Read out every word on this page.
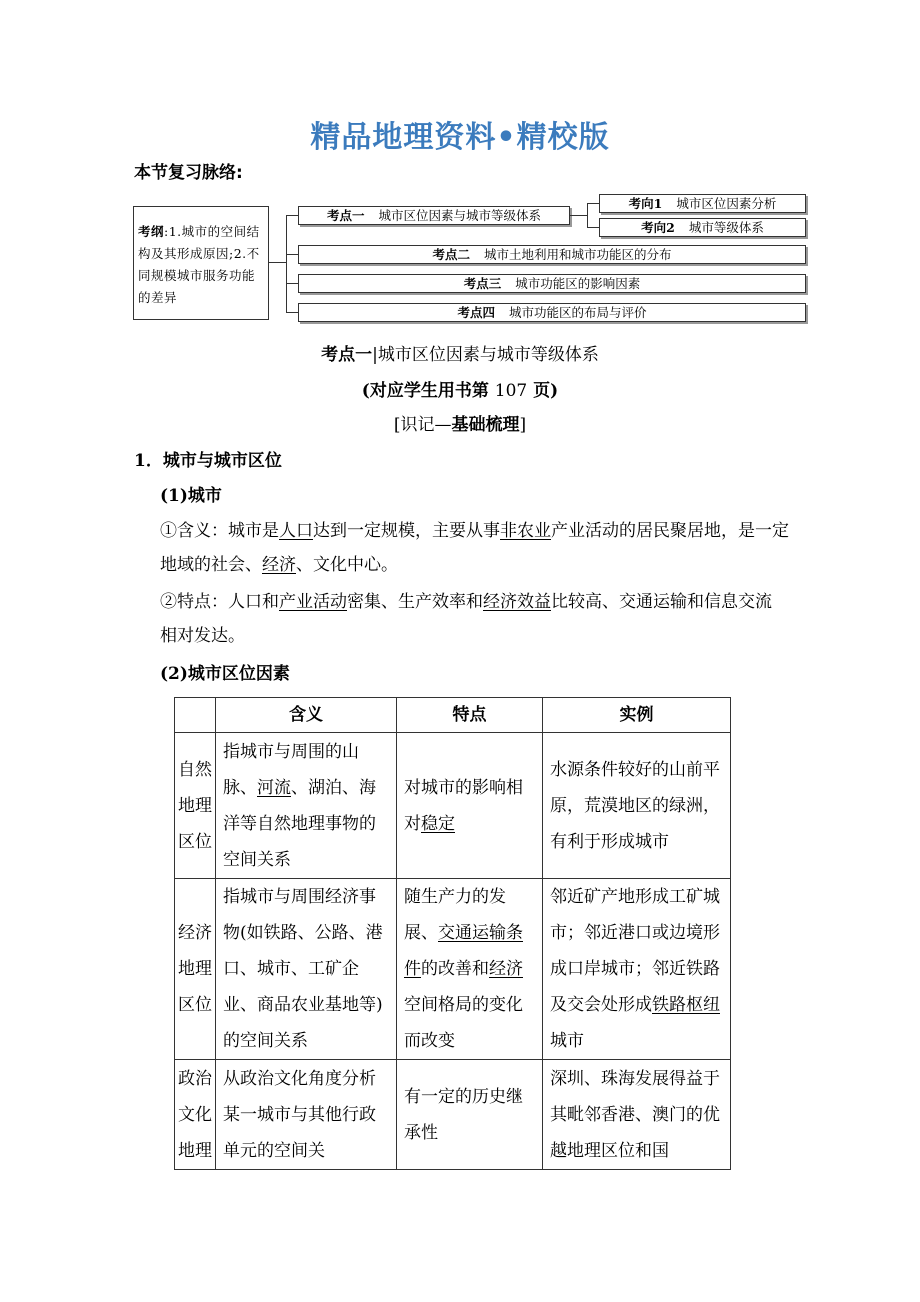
精品地理资料•精校版
本节复习脉络:
考纲:1.城市的空间结构及其形成原因;2.不同规模城市服务功能的差异
考点一 城市区位因素与城市等级体系
考点二 城市土地利用和城市功能区的分布
考点三 城市功能区的影响因素
考点四 城市功能区的布局与评价
考向1 城市区位因素分析
考向2 城市等级体系
考点一|城市区位因素与城市等级体系
(对应学生用书第 107 页)
[识记—基础梳理]
1．城市与城市区位
(1)城市
①含义：城市是人口达到一定规模，主要从事非农业产业活动的居民聚居地，是一定地域的社会、经济、文化中心。
②特点：人口和产业活动密集、生产效率和经济效益比较高、交通运输和信息交流相对发达。
(2)城市区位因素
	含义	特点	实例
自然
地理
区位	指城市与周围的山脉、河流、湖泊、海洋等自然地理事物的空间关系	对城市的影响相对稳定	水源条件较好的山前平原，荒漠地区的绿洲，有利于形成城市
经济
地理
区位	指城市与周围经济事物(如铁路、公路、港口、城市、工矿企业、商品农业基地等)的空间关系	随生产力的发展、交通运输条件的改善和经济空间格局的变化而改变	邻近矿产地形成工矿城市；邻近港口或边境形成口岸城市；邻近铁路及交会处形成铁路枢纽城市
政治
文化
地理	从政治文化角度分析某一城市与其他行政单元的空间关	有一定的历史继承性	深圳、珠海发展得益于其毗邻香港、澳门的优越地理区位和国
